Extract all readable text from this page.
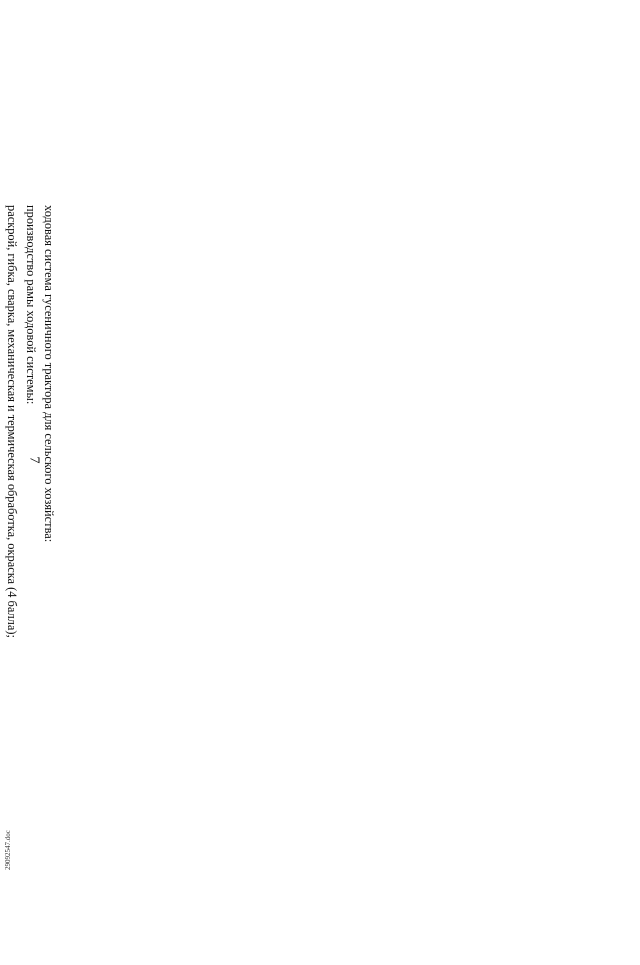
7 ходовая система гусеничного трактора для сельского хозяйства:
производство рамы ходовой системы:
раскрой, гибка, сварка, механическая и термическая обработка, окраска (4 балла);
29092547.doc
